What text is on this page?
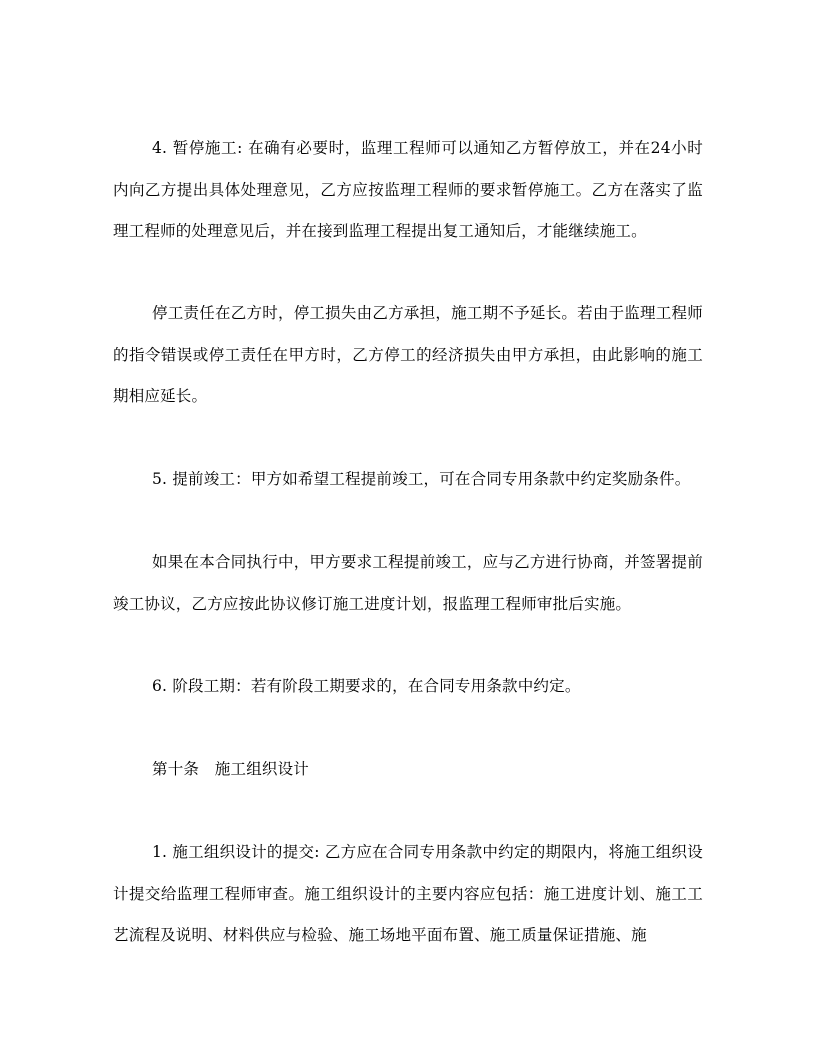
4. 暂停施工: 在确有必要时，监理工程师可以通知乙方暂停放工，并在24小时内向乙方提出具体处理意见，乙方应按监理工程师的要求暂停施工。乙方在落实了监理工程师的处理意见后，并在接到监理工程提出复工通知后，才能继续施工。

停工责任在乙方时，停工损失由乙方承担，施工期不予延长。若由于监理工程师的指令错误或停工责任在甲方时，乙方停工的经济损失由甲方承担，由此影响的施工期相应延长。

5. 提前竣工：甲方如希望工程提前竣工，可在合同专用条款中约定奖励条件。

如果在本合同执行中，甲方要求工程提前竣工，应与乙方进行协商，并签署提前竣工协议，乙方应按此协议修订施工进度计划，报监理工程师审批后实施。

6. 阶段工期：若有阶段工期要求的，在合同专用条款中约定。

第十条　施工组织设计

1. 施工组织设计的提交: 乙方应在合同专用条款中约定的期限内，将施工组织设计提交给监理工程师审查。施工组织设计的主要内容应包括：施工进度计划、施工工艺流程及说明、材料供应与检验、施工场地平面布置、施工质量保证措施、施
